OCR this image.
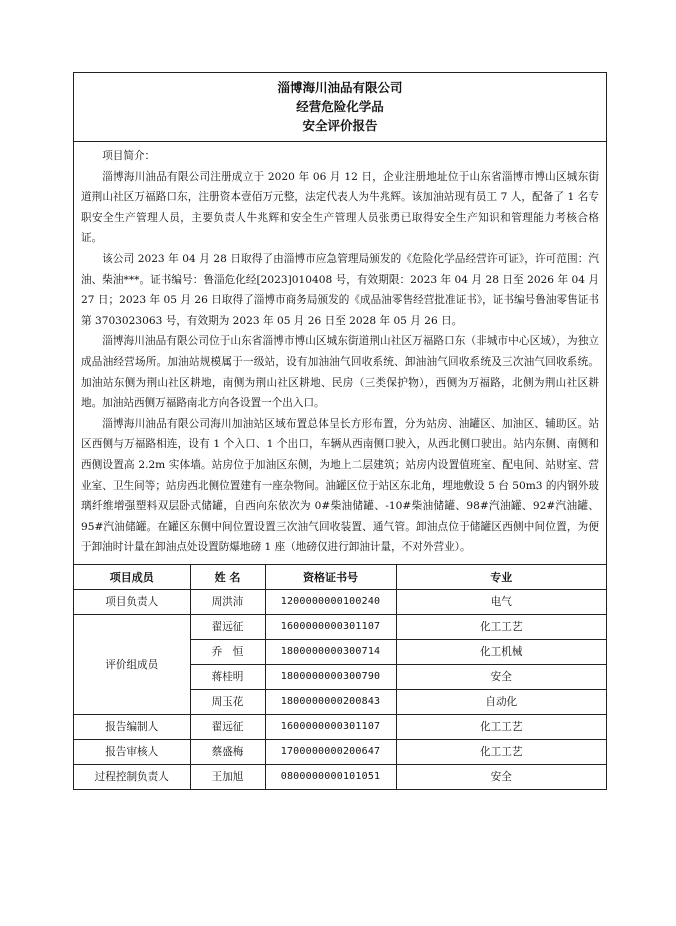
淄博海川油品有限公司
经营危险化学品
安全评价报告

项目简介：

淄博海川油品有限公司注册成立于 2020 年 06 月 12 日，企业注册地址位于山东省淄博市博山区城东街道荆山社区万福路口东，注册资本壹佰万元整，法定代表人为牛兆辉。该加油站现有员工 7 人，配备了 1 名专职安全生产管理人员，主要负责人牛兆辉和安全生产管理人员张勇已取得安全生产知识和管理能力考核合格证。

该公司 2023 年 04 月 28 日取得了由淄博市应急管理局颁发的《危险化学品经营许可证》，许可范围：汽油、柴油***。证书编号：鲁淄危化经[2023]010408 号，有效期限：2023 年 04 月 28 日至 2026 年 04 月 27 日；2023 年 05 月 26 日取得了淄博市商务局颁发的《成品油零售经营批准证书》，证书编号鲁油零售证书第 3703023063 号，有效期为 2023 年 05 月 26 日至 2028 年 05 月 26 日。

淄博海川油品有限公司位于山东省淄博市博山区城东街道荆山社区万福路口东（非城市中心区域），为独立成品油经营场所。加油站规模属于一级站，设有加油油气回收系统、卸油油气回收系统及三次油气回收系统。加油站东侧为荆山社区耕地，南侧为荆山社区耕地、民房（三类保护物），西侧为万福路，北侧为荆山社区耕地。加油站西侧万福路南北方向各设置一个出入口。

淄博海川油品有限公司海川加油站区域布置总体呈长方形布置，分为站房、油罐区、加油区、辅助区。站区西侧与万福路相连，设有 1 个入口、1 个出口，车辆从西南侧口驶入，从西北侧口驶出。站内东侧、南侧和西侧设置高 2.2m 实体墙。站房位于加油区东侧，为地上二层建筑；站房内设置值班室、配电间、站财室、营业室、卫生间等；站房西北侧位置建有一座杂物间。油罐区位于站区东北角，埋地敷设 5 台 50m3 的内钢外玻璃纤维增强塑料双层卧式储罐，自西向东依次为 0#柴油储罐、-10#柴油储罐、98#汽油罐、92#汽油罐、95#汽油储罐。在罐区东侧中间位置设置三次油气回收装置、通气管。卸油点位于储罐区西侧中间位置，为便于卸油时计量在卸油点处设置防爆地磅 1 座（地磅仅进行卸油计量，不对外营业）。

项目成员	姓 名	资格证书号	专业
项目负责人	周洪沛	1200000000100240	电气
评价组成员	翟远征	1600000000301107	化工工艺
	乔　恒	1800000000300714	化工机械
	蒋桂明	1800000000300790	安全
	周玉花	1800000000200843	自动化
报告编制人	翟远征	1600000000301107	化工工艺
报告审核人	蔡盛梅	1700000000200647	化工工艺
过程控制负责人	王加旭	0800000000101051	安全
